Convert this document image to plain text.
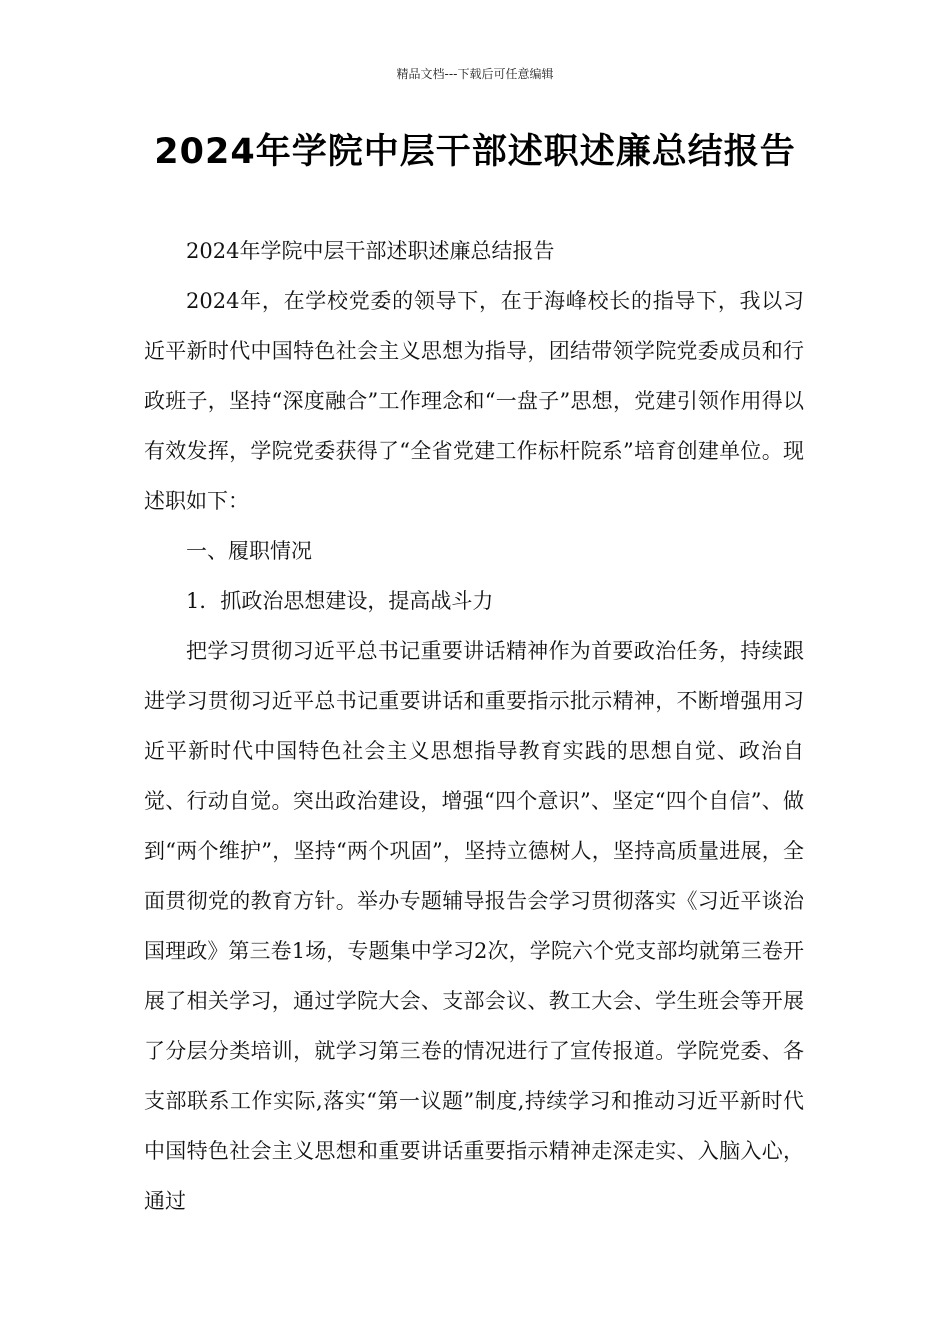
精品文档---下载后可任意编辑
2024年学院中层干部述职述廉总结报告

2024年学院中层干部述职述廉总结报告

2024年，在学校党委的领导下，在于海峰校长的指导下，我以习近平新时代中国特色社会主义思想为指导，团结带领学院党委成员和行政班子，坚持“深度融合”工作理念和“一盘子”思想，党建引领作用得以有效发挥，学院党委获得了“全省党建工作标杆院系”培育创建单位。现述职如下：

一、履职情况

1．抓政治思想建设，提高战斗力

把学习贯彻习近平总书记重要讲话精神作为首要政治任务，持续跟进学习贯彻习近平总书记重要讲话和重要指示批示精神，不断增强用习近平新时代中国特色社会主义思想指导教育实践的思想自觉、政治自觉、行动自觉。突出政治建设，增强“四个意识”、坚定“四个自信”、做到“两个维护”，坚持“两个巩固”，坚持立德树人，坚持高质量进展，全面贯彻党的教育方针。举办专题辅导报告会学习贯彻落实《习近平谈治国理政》第三卷1场，专题集中学习2次，学院六个党支部均就第三卷开展了相关学习，通过学院大会、支部会议、教工大会、学生班会等开展了分层分类培训，就学习第三卷的情况进行了宣传报道。学院党委、各支部联系工作实际,落实“第一议题”制度,持续学习和推动习近平新时代中国特色社会主义思想和重要讲话重要指示精神走深走实、入脑入心，通过
